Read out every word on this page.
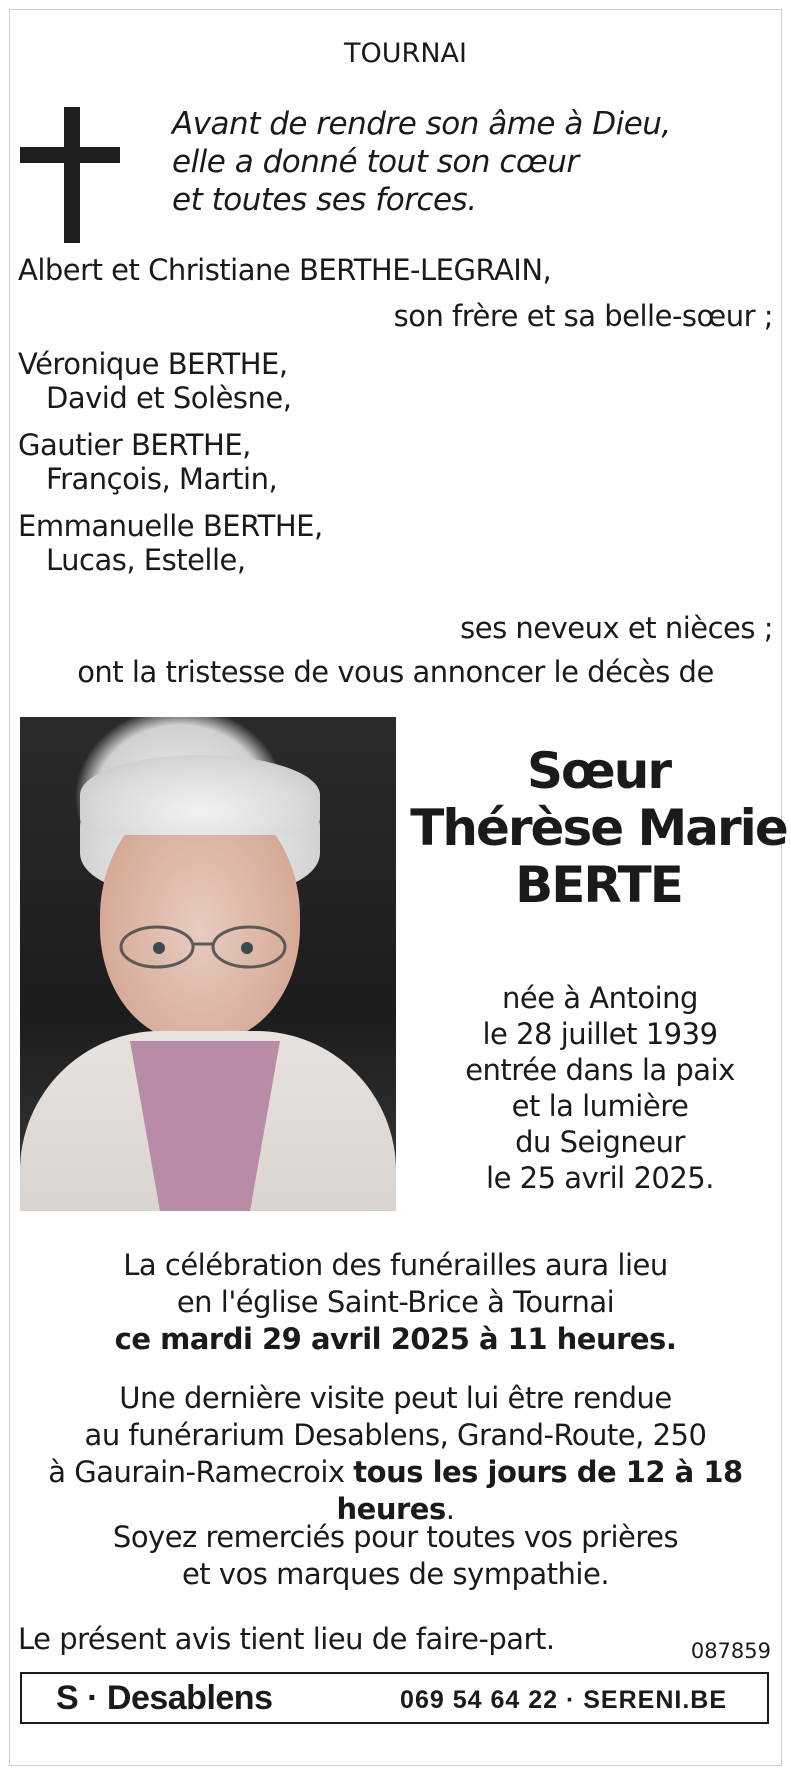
TOURNAI
Avant de rendre son âme à Dieu,
elle a donné tout son cœur
et toutes ses forces.
Albert et Christiane BERTHE-LEGRAIN,
son frère et sa belle-sœur ;
Véronique BERTHE,
David et Solèsne,
Gautier BERTHE,
François, Martin,
Emmanuelle BERTHE,
Lucas, Estelle,
ses neveux et nièces ;
ont la tristesse de vous annoncer le décès de
Sœur
Thérèse Marie
BERTE
née à Antoing
le 28 juillet 1939
entrée dans la paix
et la lumière
du Seigneur
le 25 avril 2025.
La célébration des funérailles aura lieu
en l'église Saint-Brice à Tournai
ce mardi 29 avril 2025 à 11 heures.
Une dernière visite peut lui être rendue
au funérarium Desablens, Grand-Route, 250
à Gaurain-Ramecroix tous les jours de 12 à 18 heures.
Soyez remerciés pour toutes vos prières
et vos marques de sympathie.
Le présent avis tient lieu de faire-part.	087859
S · Desablens	069 54 64 22 · SERENI.BE
